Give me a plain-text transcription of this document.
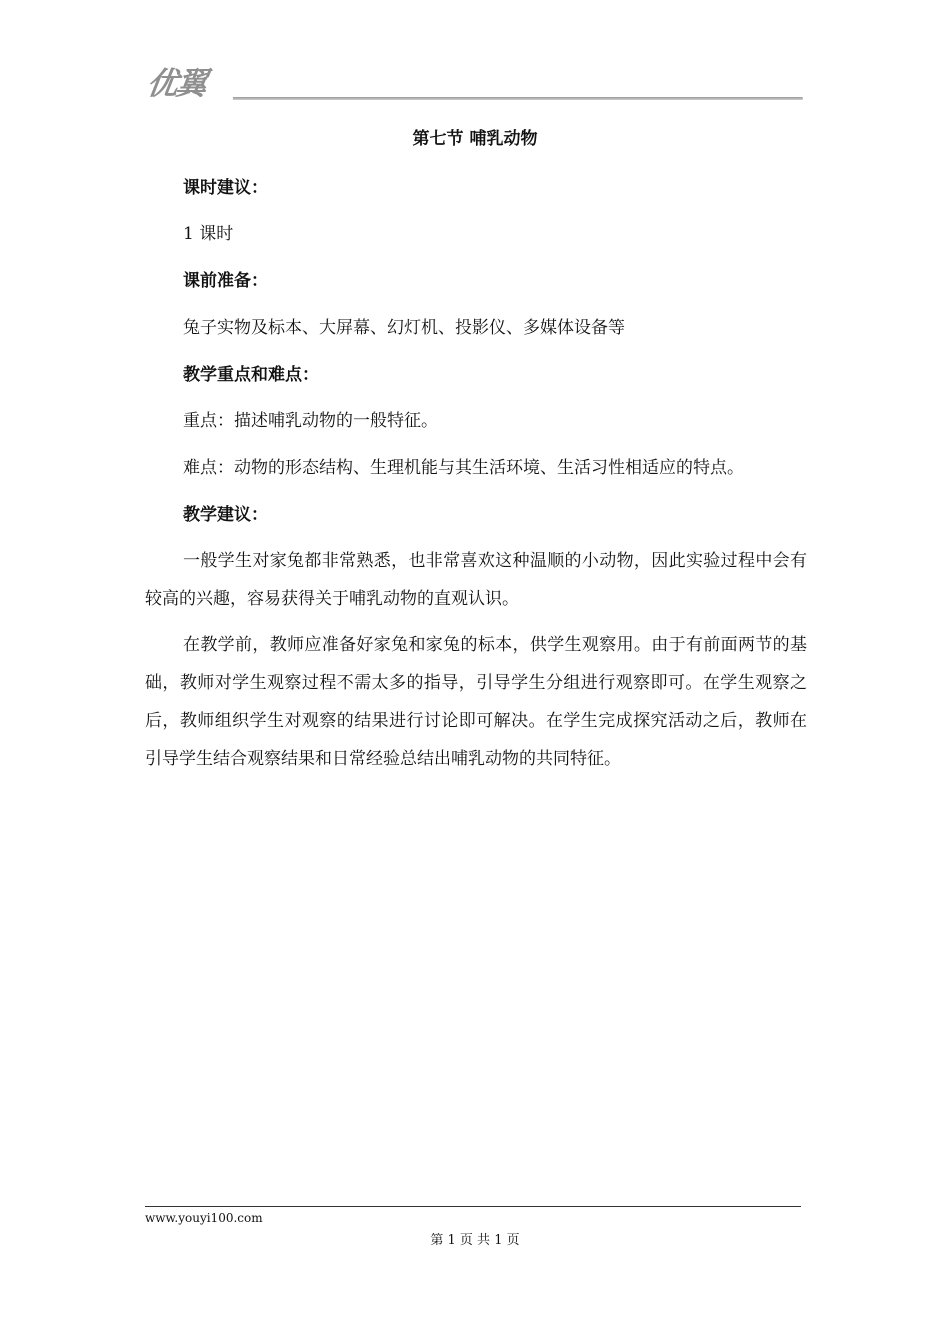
优翼
第七节 哺乳动物
课时建议：
1 课时
课前准备：
兔子实物及标本、大屏幕、幻灯机、投影仪、多媒体设备等
教学重点和难点：
重点：描述哺乳动物的一般特征。
难点：动物的形态结构、生理机能与其生活环境、生活习性相适应的特点。
教学建议：
一般学生对家兔都非常熟悉，也非常喜欢这种温顺的小动物，因此实验过程中会有较高的兴趣，容易获得关于哺乳动物的直观认识。
在教学前，教师应准备好家兔和家兔的标本，供学生观察用。由于有前面两节的基础，教师对学生观察过程不需太多的指导，引导学生分组进行观察即可。在学生观察之后，教师组织学生对观察的结果进行讨论即可解决。在学生完成探究活动之后，教师在引导学生结合观察结果和日常经验总结出哺乳动物的共同特征。
www.youyi100.com
第 1 页 共 1 页
